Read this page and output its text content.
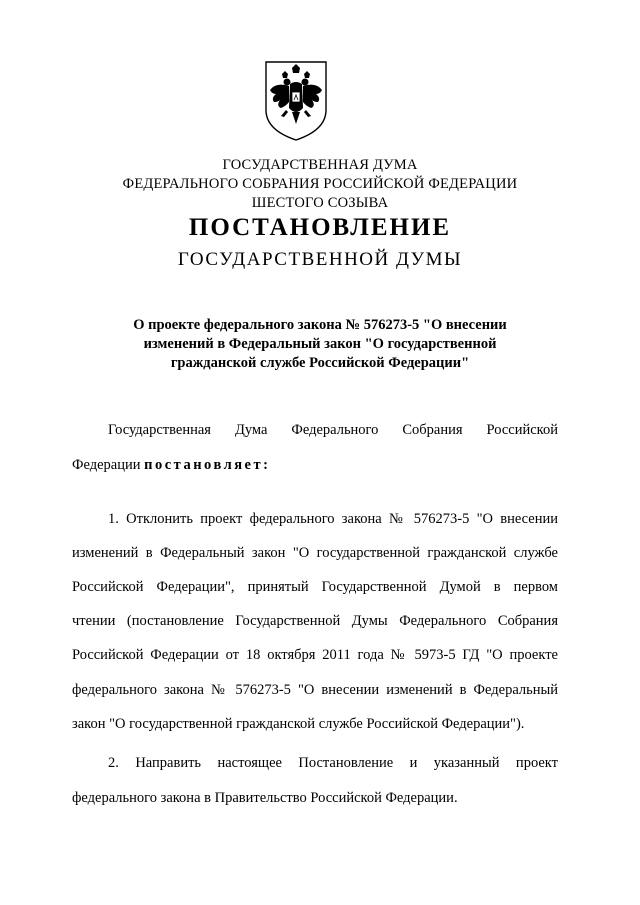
ГОСУДАРСТВЕННАЯ ДУМА
ФЕДЕРАЛЬНОГО СОБРАНИЯ РОССИЙСКОЙ ФЕДЕРАЦИИ
ШЕСТОГО СОЗЫВА
ПОСТАНОВЛЕНИЕ
ГОСУДАРСТВЕННОЙ ДУМЫ
О проекте федерального закона № 576273-5 "О внесении
изменений в Федеральный закон "О государственной
гражданской службе Российской Федерации"
Государственная Дума Федерального Собрания Российской
Федерации постановляет:
1. Отклонить проект федерального закона № 576273-5 "О внесении
изменений в Федеральный закон "О государственной гражданской службе
Российской Федерации", принятый Государственной Думой в первом
чтении (постановление Государственной Думы Федерального Собрания
Российской Федерации от 18 октября 2011 года № 5973-5 ГД "О проекте
федерального закона № 576273-5 "О внесении изменений в Федеральный
закон "О государственной гражданской службе Российской Федерации").
2. Направить настоящее Постановление и указанный проект
федерального закона в Правительство Российской Федерации.
